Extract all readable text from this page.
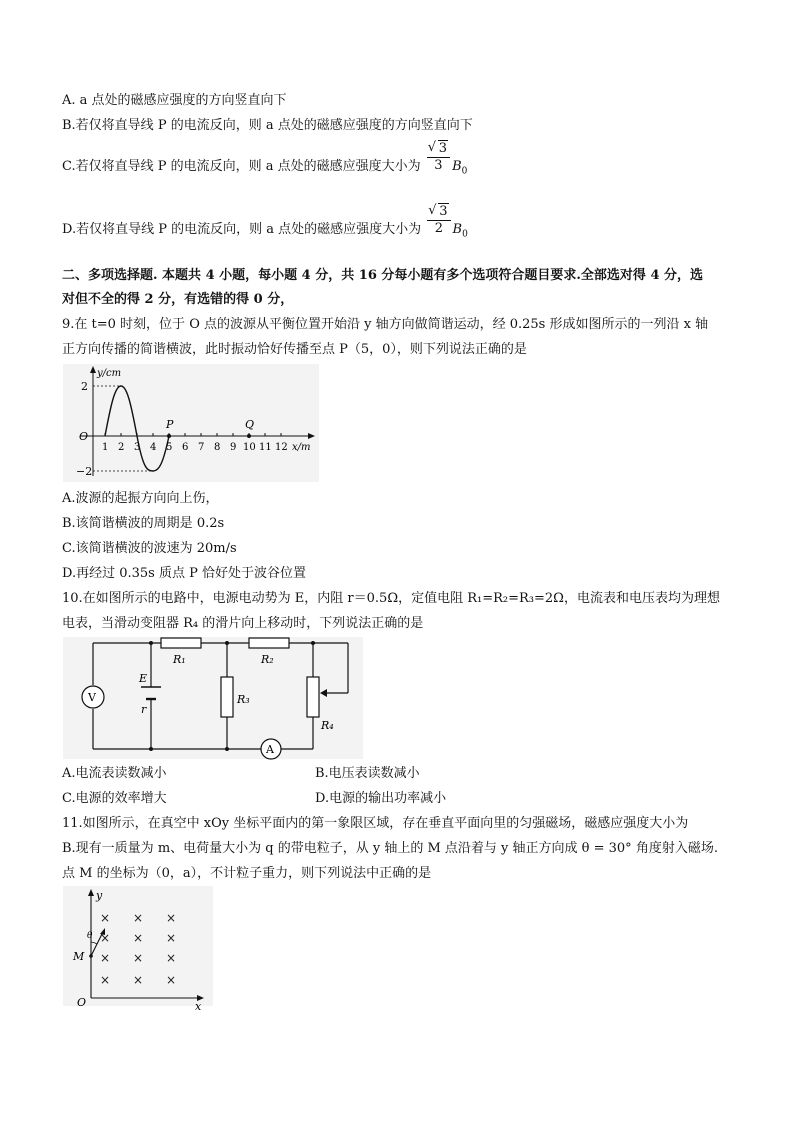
A. a 点处的磁感应强度的方向竖直向下
B.若仅将直导线 P 的电流反向，则 a 点处的磁感应强度的方向竖直向下
C.若仅将直导线 P 的电流反向，则 a 点处的磁感应强度大小为 √ $\frac{3}{3} B_0$
D.若仅将直导线 P 的电流反向，则 a 点处的磁感应强度大小为 √ $\frac{3}{2} B_0$
二、多项选择题. 本题共 4 小题，每小题 4 分，共 16 分每小题有多个选项符合题目要求.全部选对得 4 分，选
对但不全的得 2 分，有选错的得 0 分，
9.在 t=0 时刻，位于 O 点的波源从平衡位置开始沿 y 轴方向做简谐运动，经 0.25s 形成如图所示的一列沿 x 轴
正方向传播的简谐横波，此时振动恰好传播至点 P（5，0），则下列说法正确的是
y/cm
2
−2
O
P	Q
x/m
1 2 3 4 5 6 7 8 9 10 11 12
A.波源的起振方向向上伤，
B.该简谐横波的周期是 0.2s
C.该简谐横波的波速为 20m/s
D.再经过 0.35s 质点 P 恰好处于波谷位置
10.在如图所示的电路中，电源电动势为 E，内阻 r＝0.5Ω，定值电阻 R₁=R₂=R₃=2Ω，电流表和电压表均为理想
电表，当滑动变阻器 R₄ 的滑片向上移动时，下列说法正确的是
V
A
E
r
R₁	R₂
R₃
R₄
A.电流表读数减小	B.电压表读数减小
C.电源的效率增大	D.电源的输出功率减小
11.如图所示，在真空中 xOy 坐标平面内的第一象限区域，存在垂直平面向里的匀强磁场，磁感应强度大小为
B.现有一质量为 m、电荷量大小为 q 的带电粒子，从 y 轴上的 M 点沿着与 y 轴正方向成 θ = 30° 角度射入磁场.
点 M 的坐标为（0，a），不计粒子重力，则下列说法中正确的是
y
x
O
M
θ
× × ×
× × ×
× × ×
× × ×
